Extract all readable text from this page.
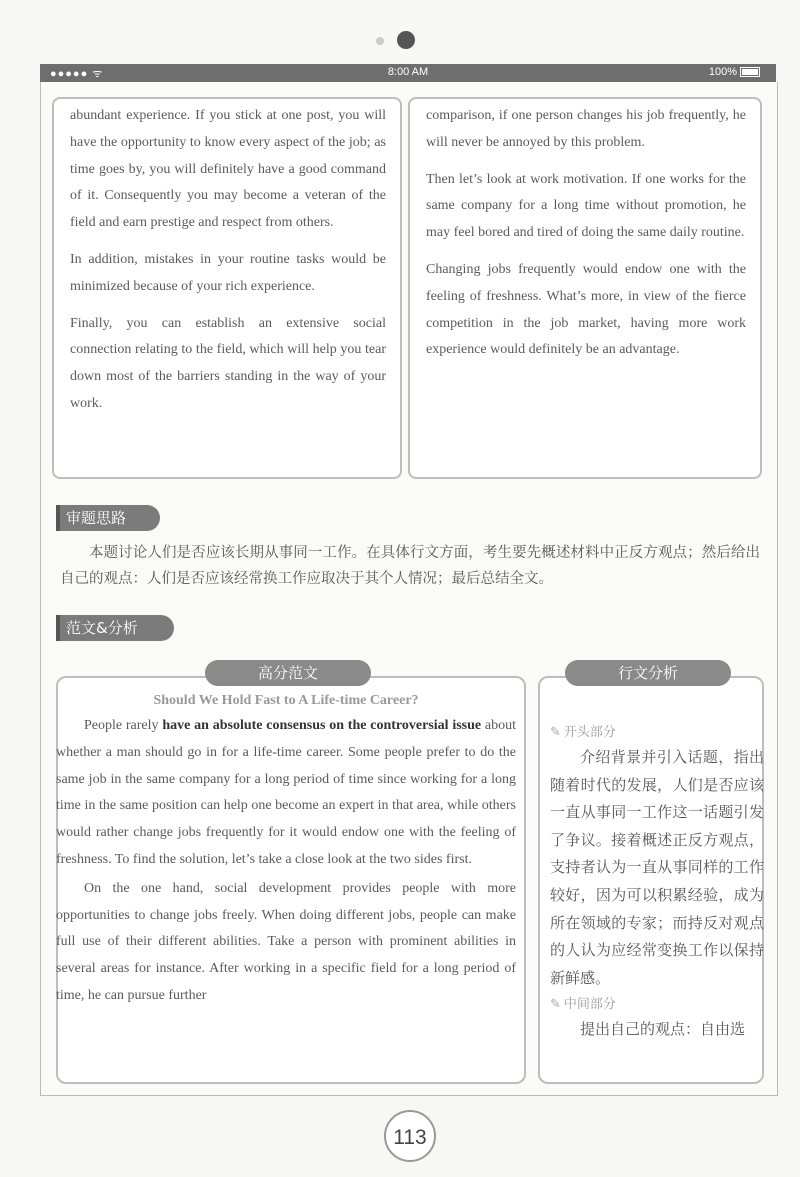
●●●●● ᯤ	8:00 AM	100%

abundant experience. If you stick at one post, you will have the opportunity to know every aspect of the job; as time goes by, you will definitely have a good command of it. Consequently you may become a veteran of the field and earn prestige and respect from others.

In addition, mistakes in your routine tasks would be minimized because of your rich experience.

Finally, you can establish an extensive social connection relating to the field, which will help you tear down most of the barriers standing in the way of your work.

comparison, if one person changes his job frequently, he will never be annoyed by this problem.

Then let’s look at work motivation. If one works for the same company for a long time without promotion, he may feel bored and tired of doing the same daily routine.

Changing jobs frequently would endow one with the feeling of freshness. What’s more, in view of the fierce competition in the job market, having more work experience would definitely be an advantage.

审题思路
本题讨论人们是否应该长期从事同一工作。在具体行文方面，考生要先概述材料中正反方观点；然后给出自己的观点：人们是否应该经常换工作应取决于其个人情况；最后总结全文。
范文&分析
高分范文
Should We Hold Fast to A Life-time Career?

People rarely have an absolute consensus on the controversial issue about whether a man should go in for a life-time career. Some people prefer to do the same job in the same company for a long period of time since working for a long time in the same position can help one become an expert in that area, while others would rather change jobs frequently for it would endow one with the feeling of freshness. To find the solution, let’s take a close look at the two sides first.

On the one hand, social development provides people with more opportunities to change jobs freely. When doing different jobs, people can make full use of their different abilities. Take a person with prominent abilities in several areas for instance. After working in a specific field for a long period of time, he can pursue further

行文分析
✎ 开头部分
介绍背景并引入话题，指出随着时代的发展，人们是否应该一直从事同一工作这一话题引发了争议。接着概述正反方观点，支持者认为一直从事同样的工作较好，因为可以积累经验，成为所在领域的专家；而持反对观点的人认为应经常变换工作以保持新鲜感。
✎ 中间部分
提出自己的观点：自由选
113
